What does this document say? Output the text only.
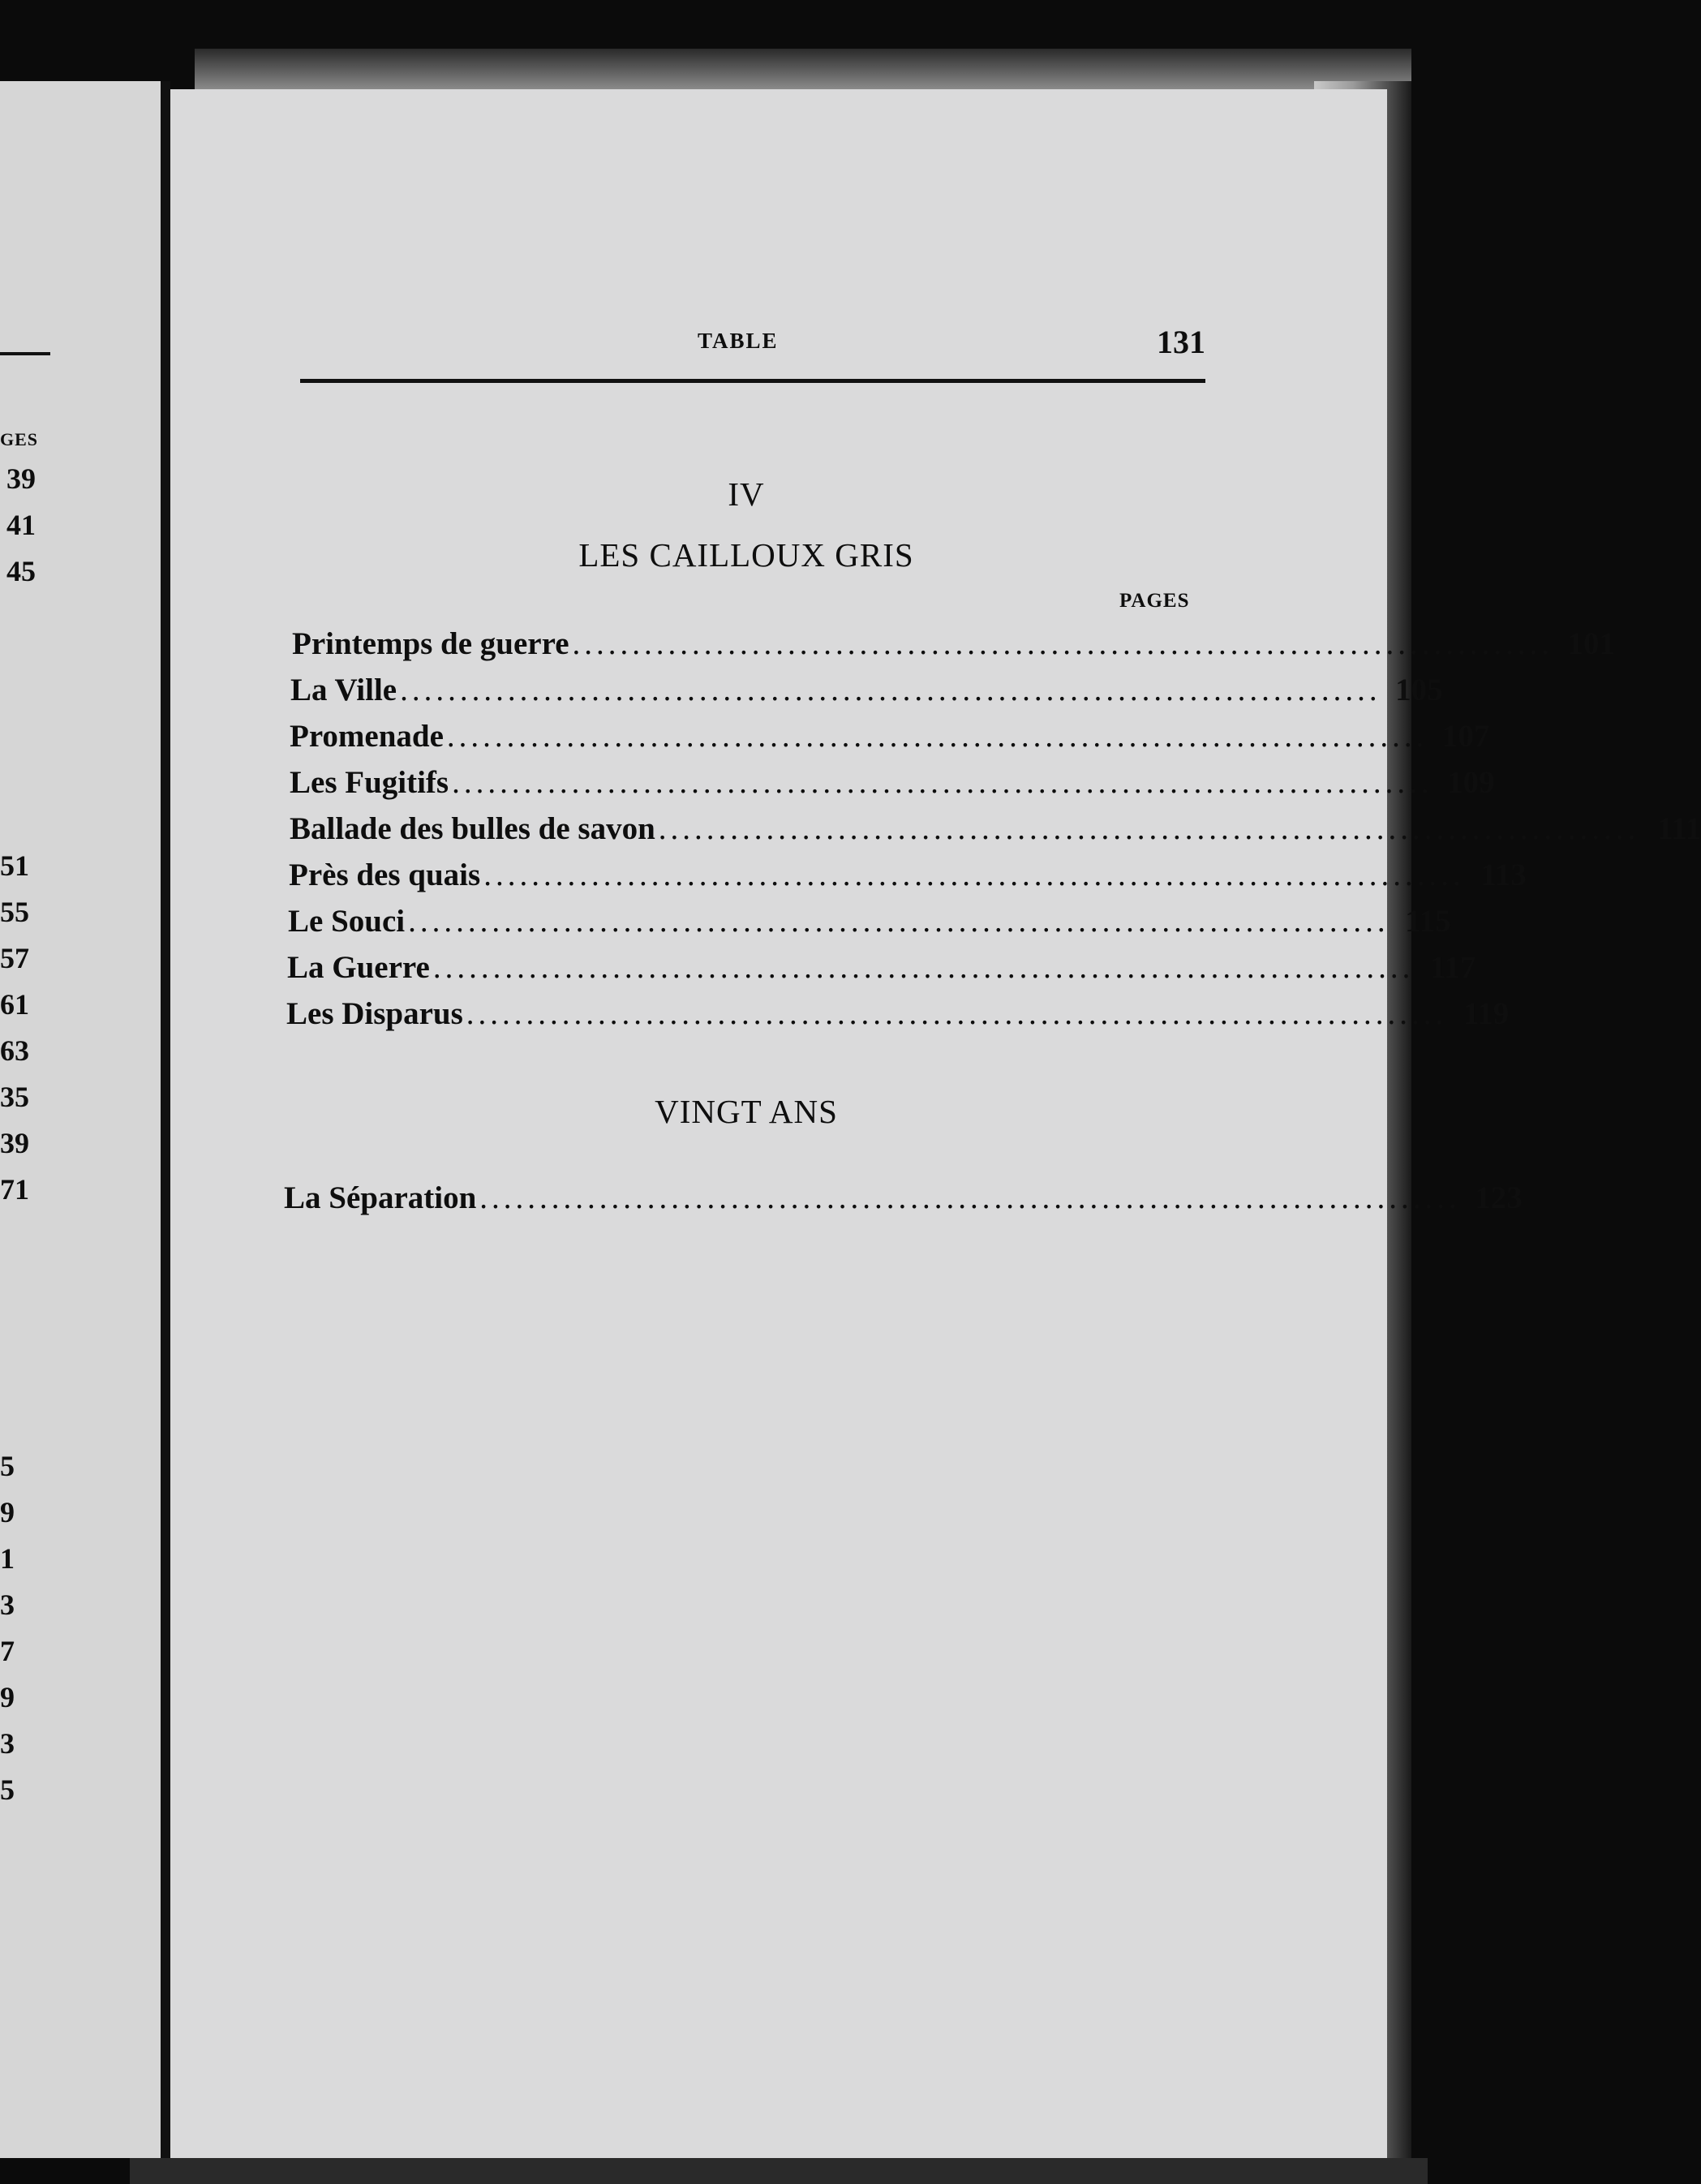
GES
39
41
45
51
55
57
61
63
35
39
71
5
9
1
3
7
9
3
5
TABLE	131
IV
LES CAILLOUX GRIS
PAGES
Printemps de guerre .................................................................................. 101
La Ville .................................................................................. 105
Promenade .................................................................................. 107
Les Fugitifs .................................................................................. 109
Ballade des bulles de savon .................................................................................. 111
Près des quais .................................................................................. 113
Le Souci .................................................................................. 115
La Guerre .................................................................................. 117
Les Disparus .................................................................................. 119
VINGT ANS
La Séparation .................................................................................. 123
